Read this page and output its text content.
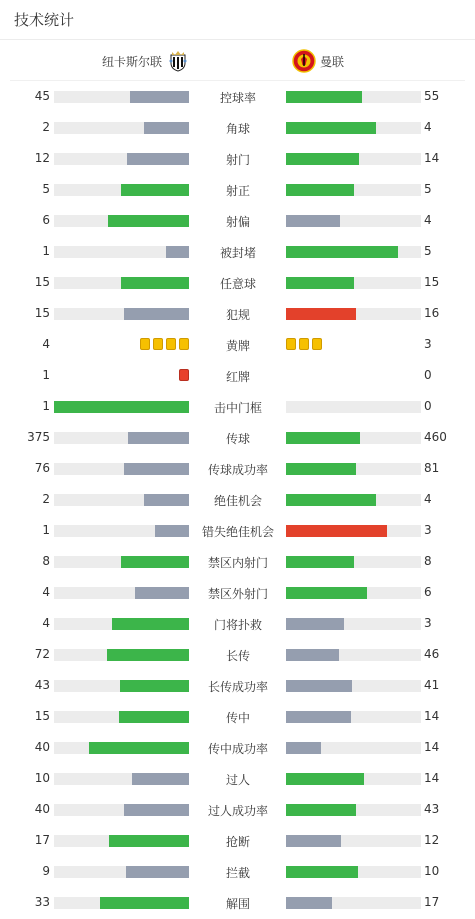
技术统计
纽卡斯尔联	曼联
45	控球率	55
2	角球	4
12	射门	14
5	射正	5
6	射偏	4
1	被封堵	5
15	任意球	15
15	犯规	16
4	黄牌	3
1	红牌	0
1	击中门框	0
375	传球	460
76	传球成功率	81
2	绝佳机会	4
1	错失绝佳机会	3
8	禁区内射门	8
4	禁区外射门	6
4	门将扑救	3
72	长传	46
43	长传成功率	41
15	传中	14
40	传中成功率	14
10	过人	14
40	过人成功率	43
17	抢断	12
9	拦截	10
33	解围	17
